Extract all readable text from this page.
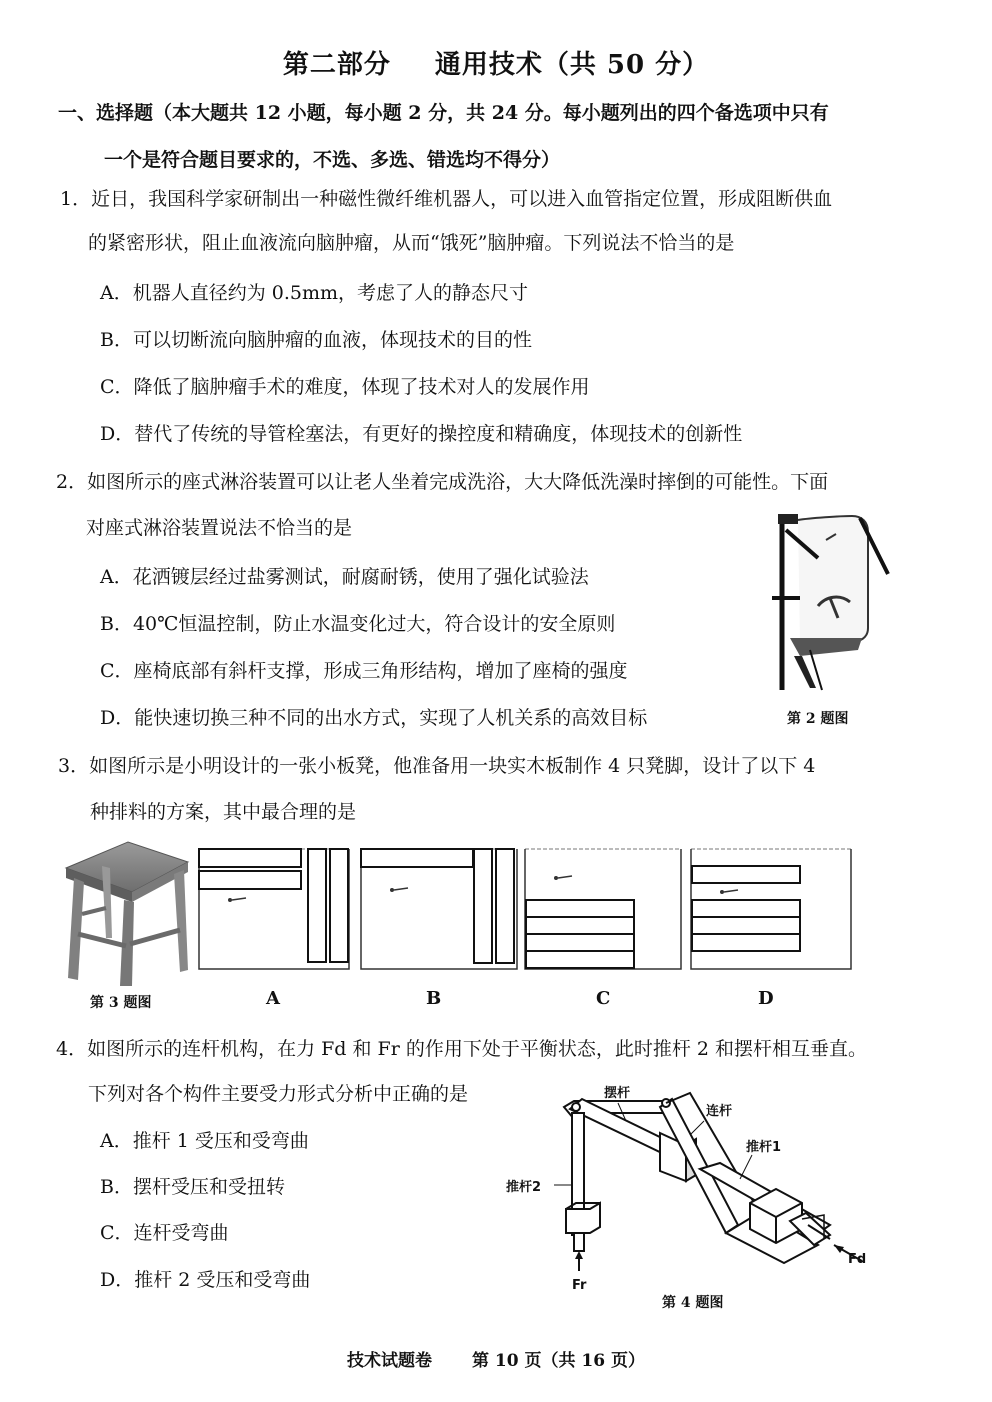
第二部分 通用技术（共 50 分）
一、选择题（本大题共 12 小题，每小题 2 分，共 24 分。每小题列出的四个备选项中只有
一个是符合题目要求的，不选、多选、错选均不得分）
1．近日，我国科学家研制出一种磁性微纤维机器人，可以进入血管指定位置，形成阻断供血
的紧密形状，阻止血液流向脑肿瘤，从而“饿死”脑肿瘤。下列说法不恰当的是
A．机器人直径约为 0.5mm，考虑了人的静态尺寸
B．可以切断流向脑肿瘤的血液，体现技术的目的性
C．降低了脑肿瘤手术的难度，体现了技术对人的发展作用
D．替代了传统的导管栓塞法，有更好的操控度和精确度，体现技术的创新性
2．如图所示的座式淋浴装置可以让老人坐着完成洗浴，大大降低洗澡时摔倒的可能性。下面
对座式淋浴装置说法不恰当的是
A．花洒镀层经过盐雾测试，耐腐耐锈，使用了强化试验法
B．40℃恒温控制，防止水温变化过大，符合设计的安全原则
C．座椅底部有斜杆支撑，形成三角形结构，增加了座椅的强度
D．能快速切换三种不同的出水方式，实现了人机关系的高效目标	第 2 题图
3．如图所示是小明设计的一张小板凳，他准备用一块实木板制作 4 只凳脚，设计了以下 4
种排料的方案，其中最合理的是
第 3 题图	A	B	C	D
4．如图所示的连杆机构，在力 Fd 和 Fr 的作用下处于平衡状态，此时推杆 2 和摆杆相互垂直。
下列对各个构件主要受力形式分析中正确的是
A．推杆 1 受压和受弯曲
B．摆杆受压和受扭转
C．连杆受弯曲
D．推杆 2 受压和受弯曲
摆杆
连杆
推杆1
推杆2
Fd
Fr
第 4 题图
技术试题卷 第 10 页（共 16 页）
